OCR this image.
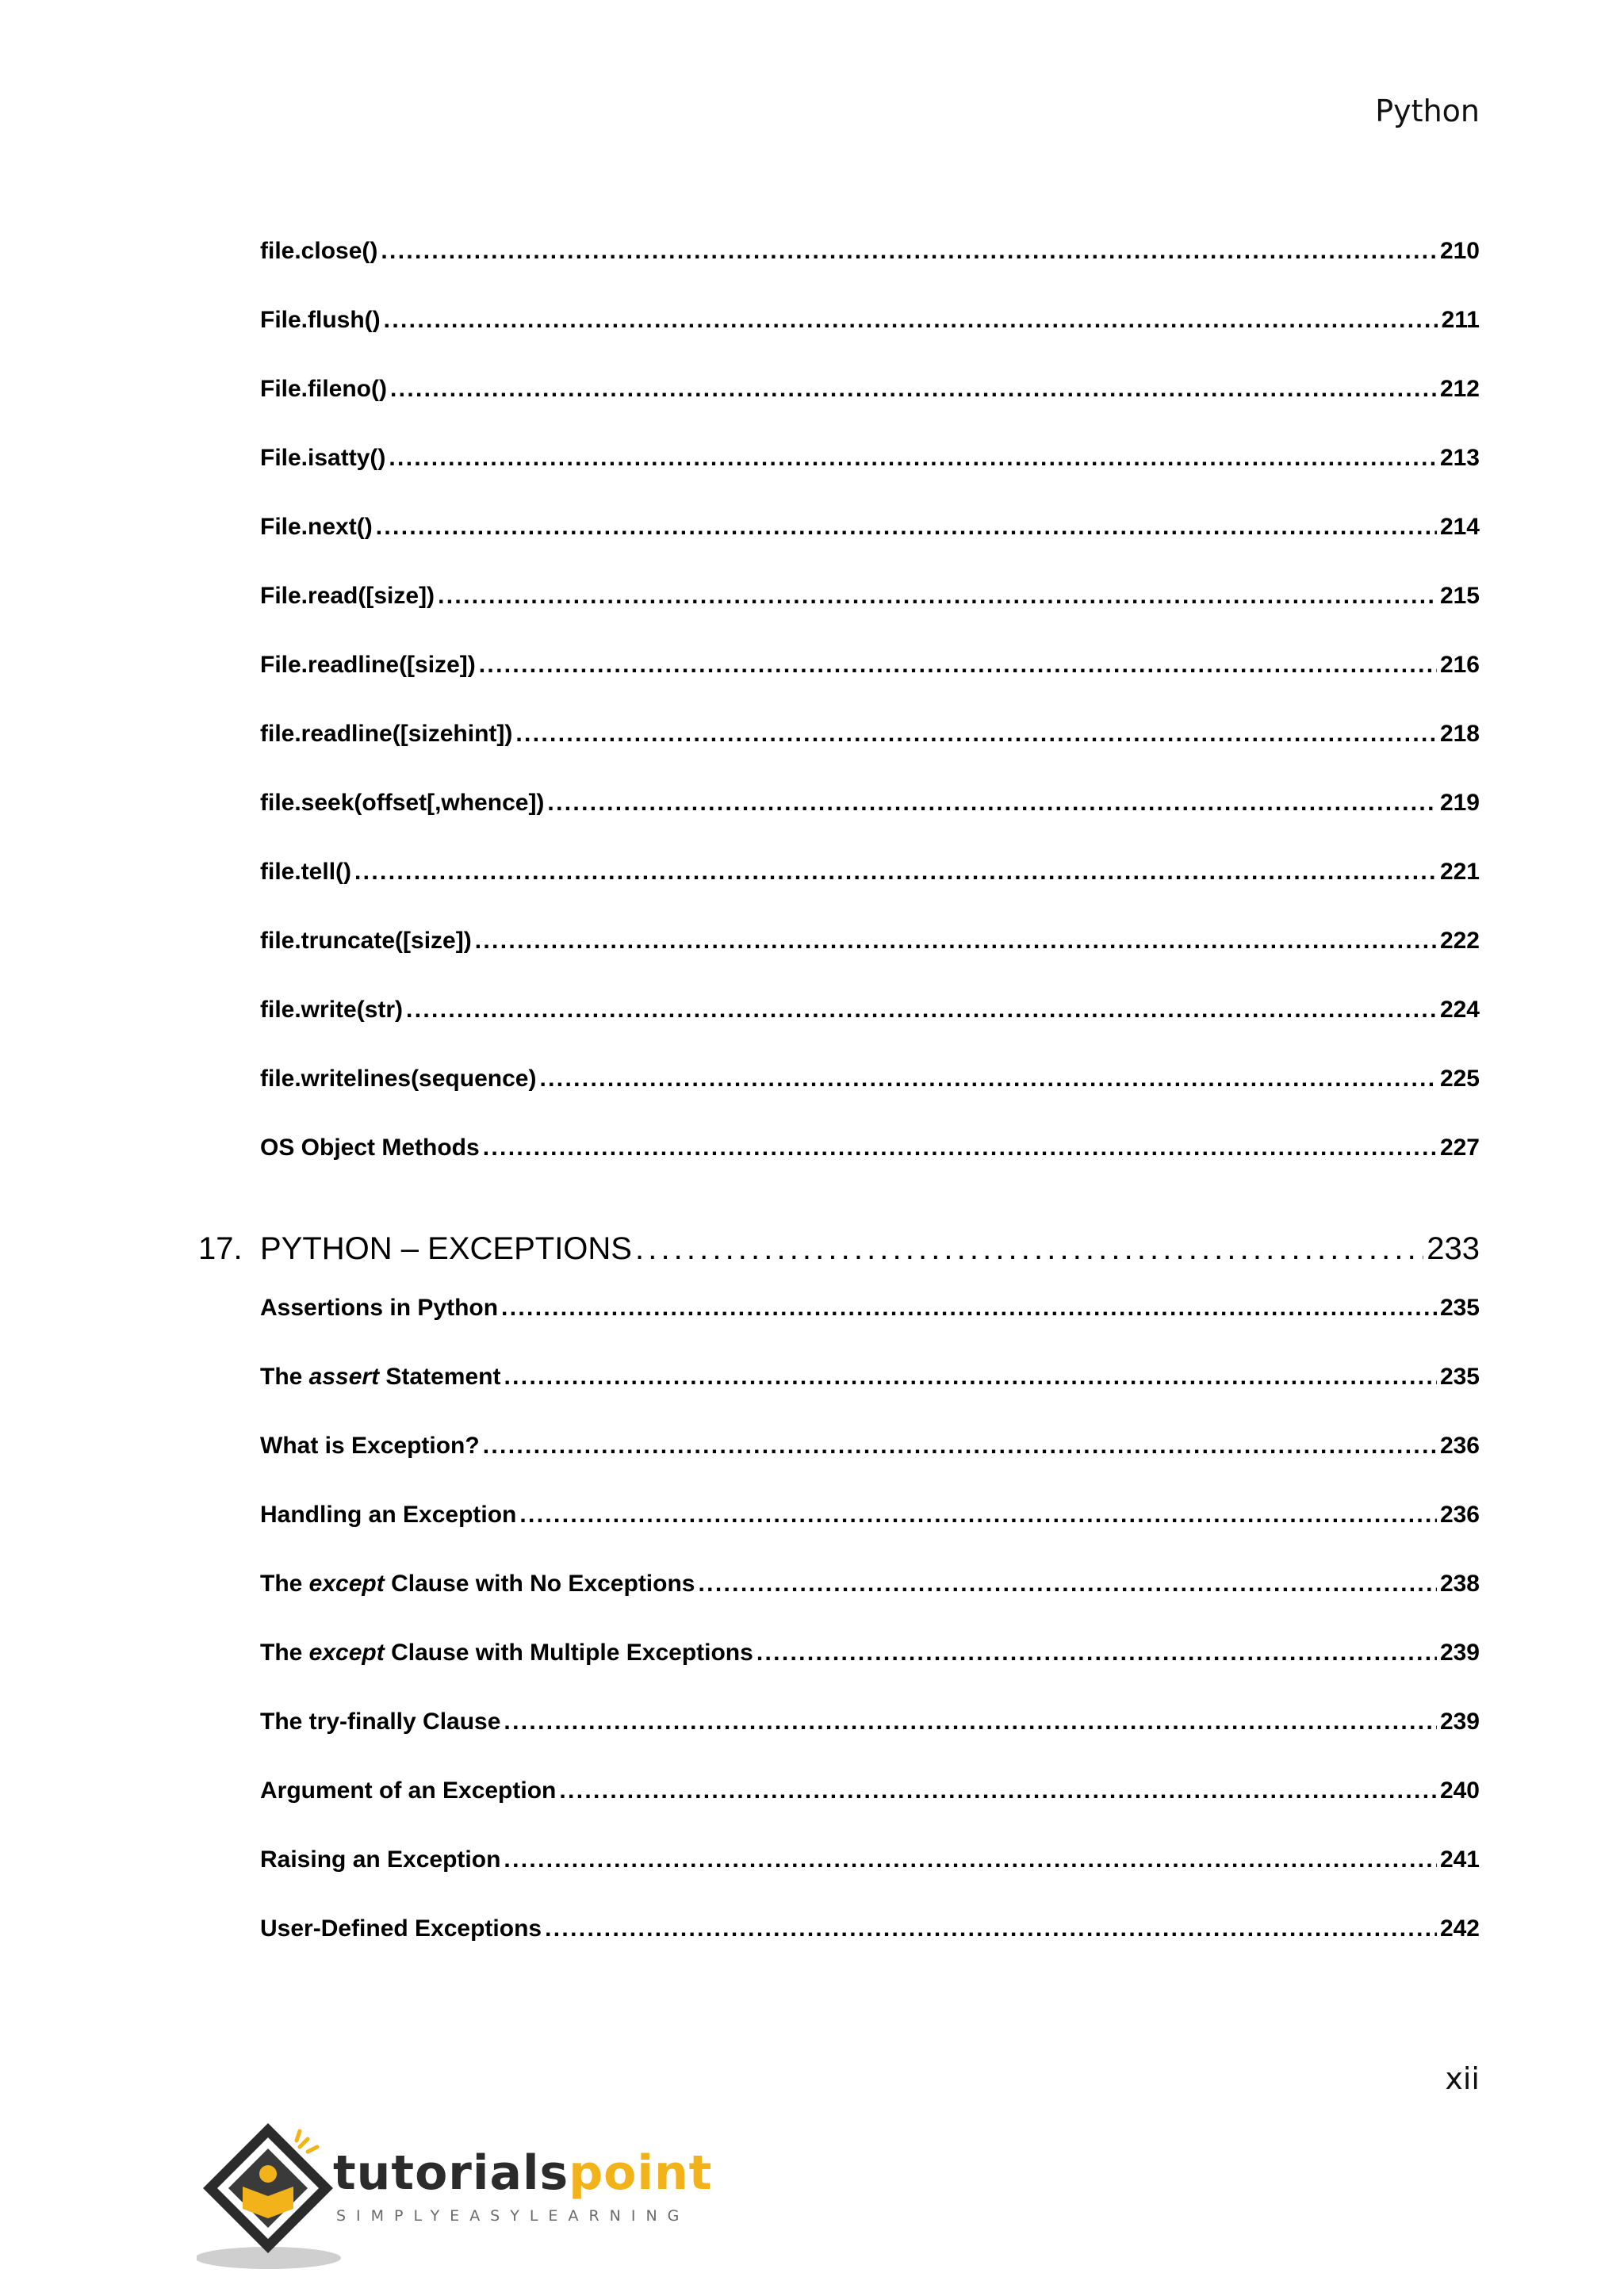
Python
file.close() . . .	210
File.flush() . . .	211
File.fileno() . . .	212
File.isatty() . . .	213
File.next() . . .	214
File.read([size]) . . .	215
File.readline([size]) . . .	216
file.readline([sizehint]) . . .	218
file.seek(offset[,whence]) . . .	219
file.tell() . . .	221
file.truncate([size]) . . .	222
file.write(str) . . .	224
file.writelines(sequence) . . .	225
OS Object Methods . . .	227
17. PYTHON – EXCEPTIONS . . .	233
Assertions in Python . . .	235
The assert Statement . . .	235
What is Exception? . . .	236
Handling an Exception . . .	236
The except Clause with No Exceptions . . .	238
The except Clause with Multiple Exceptions . . .	239
The try-finally Clause . . .	239
Argument of an Exception . . .	240
Raising an Exception . . .	241
User-Defined Exceptions . . .	242
xii
tutorialspoint
SIMPLYEASYLEARNING
